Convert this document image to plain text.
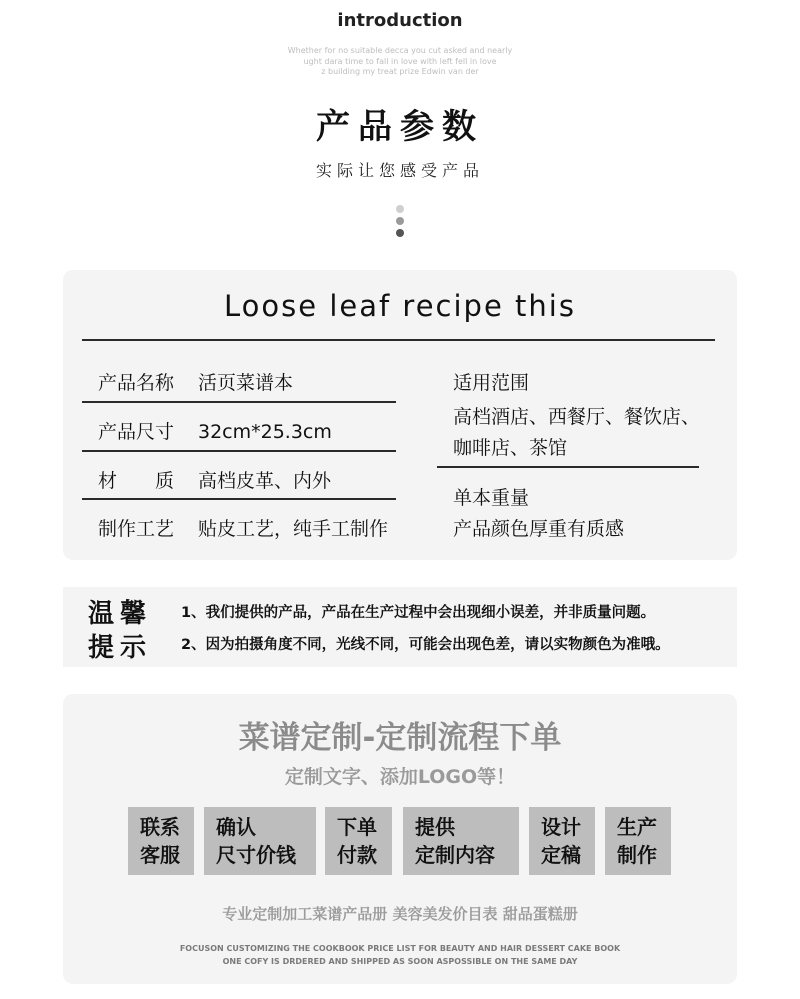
introduction
Whether for no suitable decca you cut asked and nearly
ught dara time to fall in love with left fell in love
z building my treat prize Edwin van der
产品参数
实际让您感受产品
Loose leaf recipe this
产品名称 活页菜谱本
产品尺寸 32cm*25.3cm
材　　质 高档皮革、内外
制作工艺 贴皮工艺，纯手工制作
适用范围
高档酒店、西餐厅、餐饮店、
咖啡店、茶馆
单本重量
产品颜色厚重有质感
温馨
提示
1、我们提供的产品，产品在生产过程中会出现细小误差，并非质量问题。
2、因为拍摄角度不同，光线不同，可能会出现色差，请以实物颜色为准哦。
菜谱定制-定制流程下单
定制文字、添加LOGO等！
联系
客服
确认
尺寸价钱
下单
付款
提供
定制内容
设计
定稿
生产
制作
专业定制加工菜谱产品册 美容美发价目表 甜品蛋糕册
FOCUSON CUSTOMIZING THE COOKBOOK PRICE LIST FOR BEAUTY AND HAIR DESSERT CAKE BOOK
ONE COFY IS DRDERED AND SHIPPED AS SOON ASPOSSIBLE ON THE SAME DAY
